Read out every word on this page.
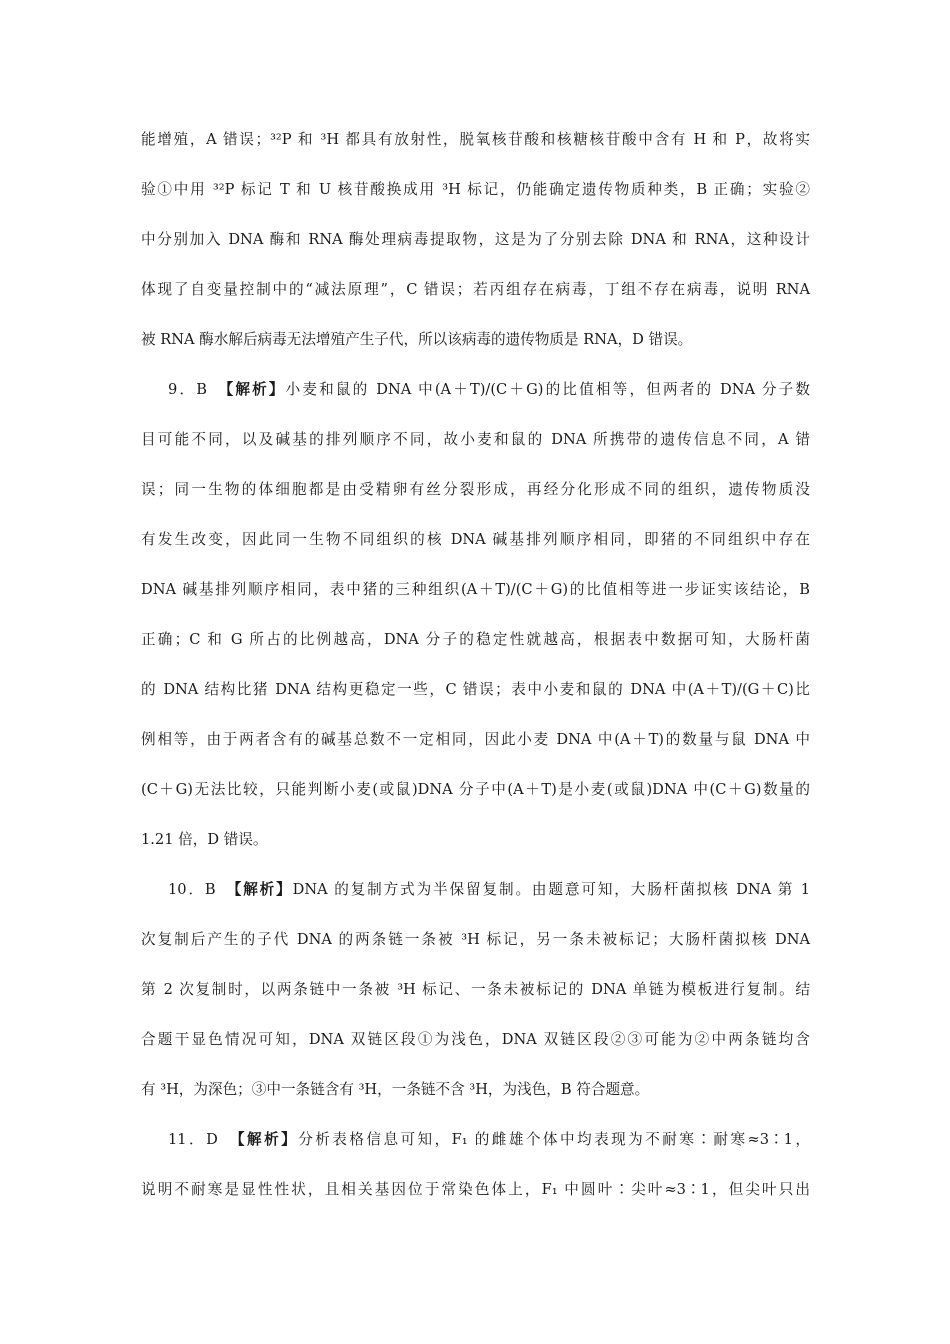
能增殖，A 错误；³²P 和 ³H 都具有放射性，脱氧核苷酸和核糖核苷酸中含有 H 和 P，故将实
验①中用 ³²P 标记 T 和 U 核苷酸换成用 ³H 标记，仍能确定遗传物质种类，B 正确；实验②
中分别加入 DNA 酶和 RNA 酶处理病毒提取物，这是为了分别去除 DNA 和 RNA，这种设计
体现了自变量控制中的“减法原理”，C 错误；若丙组存在病毒，丁组不存在病毒，说明 RNA
被 RNA 酶水解后病毒无法增殖产生子代，所以该病毒的遗传物质是 RNA，D 错误。
9．B　 【解析】小麦和鼠的 DNA 中(A＋T)/(C＋G)的比值相等，但两者的 DNA 分子数
目可能不同，以及碱基的排列顺序不同，故小麦和鼠的 DNA 所携带的遗传信息不同，A 错
误；同一生物的体细胞都是由受精卵有丝分裂形成，再经分化形成不同的组织，遗传物质没
有发生改变，因此同一生物不同组织的核 DNA 碱基排列顺序相同，即猪的不同组织中存在
DNA 碱基排列顺序相同，表中猪的三种组织(A＋T)/(C＋G)的比值相等进一步证实该结论，B
正确；C 和 G 所占的比例越高，DNA 分子的稳定性就越高，根据表中数据可知，大肠杆菌
的 DNA 结构比猪 DNA 结构更稳定一些，C 错误；表中小麦和鼠的 DNA 中(A＋T)/(G＋C)比
例相等，由于两者含有的碱基总数不一定相同，因此小麦 DNA 中(A＋T)的数量与鼠 DNA 中
(C＋G)无法比较，只能判断小麦(或鼠)DNA 分子中(A＋T)是小麦(或鼠)DNA 中(C＋G)数量的
1.21 倍，D 错误。
10．B　 【解析】DNA 的复制方式为半保留复制。由题意可知，大肠杆菌拟核 DNA 第 1
次复制后产生的子代 DNA 的两条链一条被 ³H 标记，另一条未被标记；大肠杆菌拟核 DNA
第 2 次复制时，以两条链中一条被 ³H 标记、一条未被标记的 DNA 单链为模板进行复制。结
合题干显色情况可知，DNA 双链区段①为浅色，DNA 双链区段②③可能为②中两条链均含
有 ³H，为深色；③中一条链含有 ³H，一条链不含 ³H，为浅色，B 符合题意。
11．D　 【解析】分析表格信息可知，F₁ 的雌雄个体中均表现为不耐寒∶耐寒≈3∶1，
说明不耐寒是显性性状，且相关基因位于常染色体上，F₁ 中圆叶∶尖叶≈3∶1，但尖叶只出
